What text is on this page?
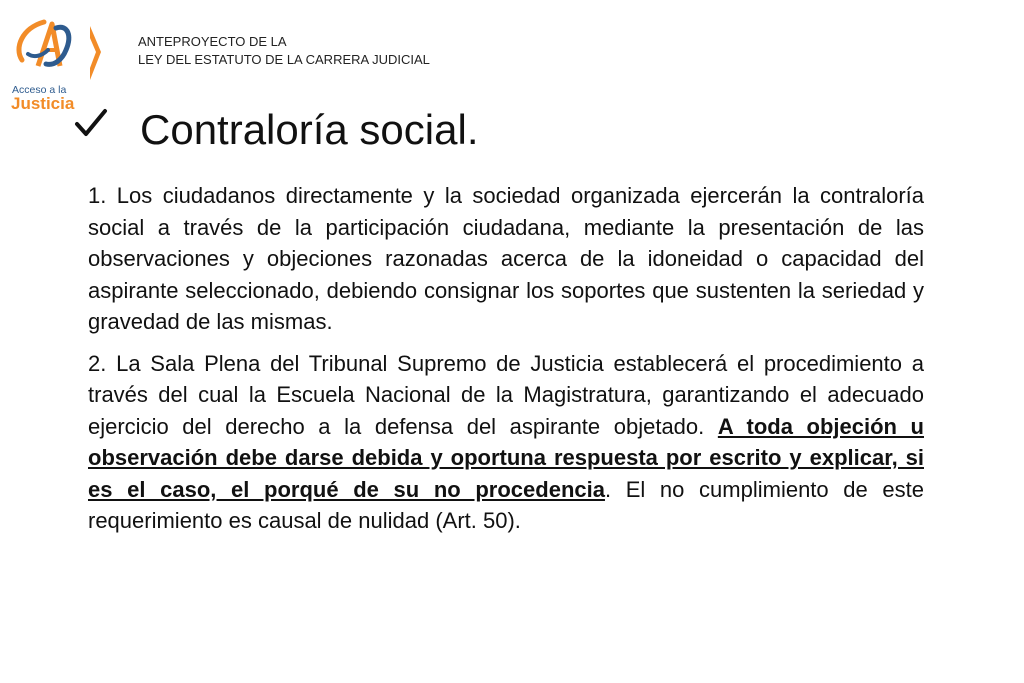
Acceso a la
Justicia
ANTEPROYECTO DE LA
LEY DEL ESTATUTO DE LA CARRERA JUDICIAL
Contraloría social.

1. Los ciudadanos directamente y la sociedad organizada ejercerán la contraloría social a través de la participación ciudadana, mediante la presentación de las observaciones y objeciones razonadas acerca de la idoneidad o capacidad del aspirante seleccionado, debiendo consignar los soportes que sustenten la seriedad y gravedad de las mismas.

2. La Sala Plena del Tribunal Supremo de Justicia establecerá el procedimiento a través del cual la Escuela Nacional de la Magistratura, garantizando el adecuado ejercicio del derecho a la defensa del aspirante objetado. A toda objeción u observación debe darse debida y oportuna respuesta por escrito y explicar, si es el caso, el porqué de su no procedencia. El no cumplimiento de este requerimiento es causal de nulidad (Art. 50).
